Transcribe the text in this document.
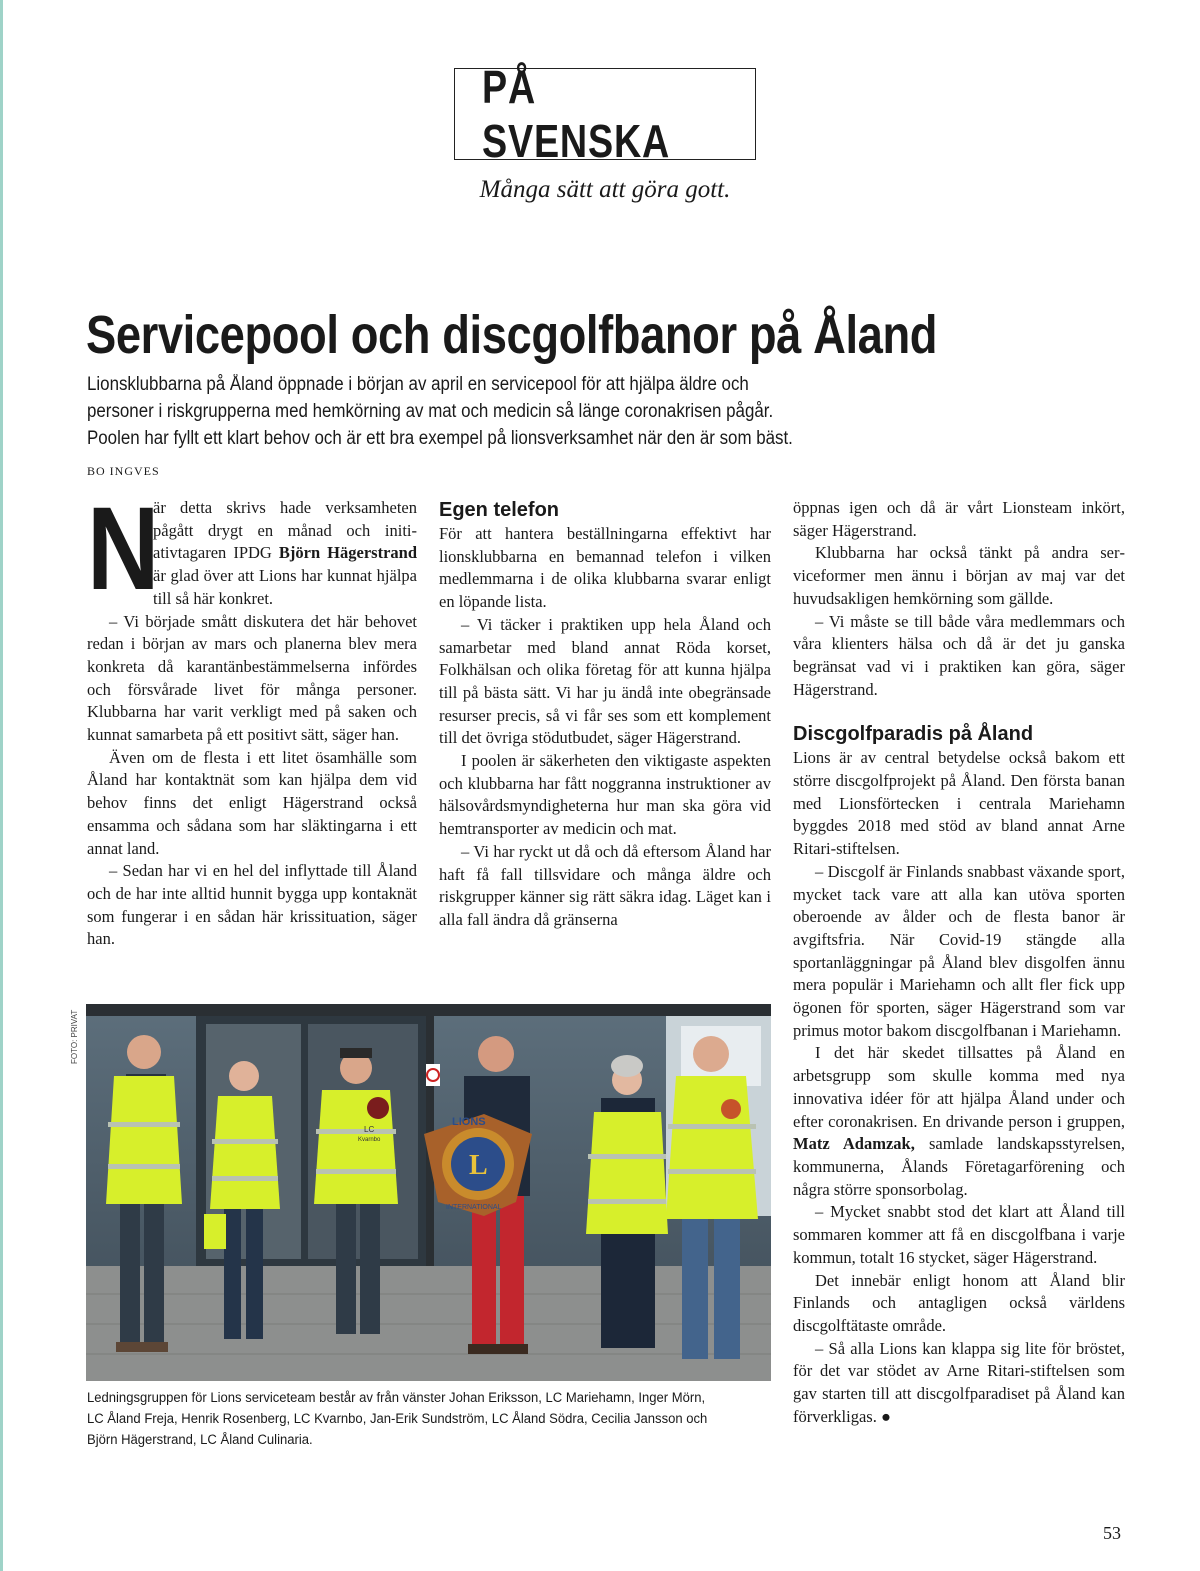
PÅ SVENSKA
Många sätt att göra gott.
Servicepool och discgolfbanor på Åland

Lionsklubbarna på Åland öppnade i början av april en servicepool för att hjälpa äldre och

personer i riskgrupperna med hemkörning av mat och medicin så länge coronakrisen pågår.

Poolen har fyllt ett klart behov och är ett bra exempel på lionsverksamhet när den är som bäst.

BO INGVES

N
är detta skrivs hade verksamheten pågått drygt en månad och initiativtagaren IPDG Björn Hägerstrand är glad över att Lions har kunnat hjälpa till så här konkret.

– Vi började smått diskutera det här behovet redan i början av mars och planerna blev mera konkreta då karantänbestämmelserna infördes och försvårade livet för många personer. Klubbarna har varit verkligt med på saken och kunnat samarbeta på ett positivt sätt, säger han.

Även om de flesta i ett litet ösamhälle som Åland har kontaktnät som kan hjälpa dem vid behov finns det enligt Hägerstrand också ensamma och sådana som har släktingarna i ett annat land.

– Sedan har vi en hel del inflyttade till Åland och de har inte alltid hunnit bygga upp kontaknät som fungerar i en sådan här krissituation, säger han.

Egen telefon

För att hantera beställningarna effektivt har lionsklubbarna en bemannad telefon i vilken medlemmarna i de olika klubbarna svarar enligt en löpande lista.

– Vi täcker i praktiken upp hela Åland och samarbetar med bland annat Röda korset, Folkhälsan och olika företag för att kunna hjälpa till på bästa sätt. Vi har ju ändå inte obegränsade resurser precis, så vi får ses som ett komplement till det övriga stödutbudet, säger Hägerstrand.

I poolen är säkerheten den viktigaste aspekten och klubbarna har fått noggranna instruktioner av hälsovårdsmyndigheterna hur man ska göra vid hemtransporter av medicin och mat.

– Vi har ryckt ut då och då eftersom Åland har haft få fall tillsvidare och många äldre och riskgrupper känner sig rätt säkra idag. Läget kan i alla fall ändra då gränserna

öppnas igen och då är vårt Lionsteam inkört, säger Hägerstrand.

Klubbarna har också tänkt på andra serviceformer men ännu i början av maj var det huvudsakligen hemkörning som gällde.

– Vi måste se till både våra medlemmars och våra klienters hälsa och då är det ju ganska begränsat vad vi i praktiken kan göra, säger Hägerstrand.

Discgolfparadis på Åland

Lions är av central betydelse också bakom ett större discgolfprojekt på Åland. Den första banan med Lionsförtecken i centrala Mariehamn byggdes 2018 med stöd av bland annat Arne Ritari-stiftelsen.

– Discgolf är Finlands snabbast växande sport, mycket tack vare att alla kan utöva sporten oberoende av ålder och de flesta banor är avgiftsfria. När Covid-19 stängde alla sportanläggningar på Åland blev disgolfen ännu mera populär i Mariehamn och allt fler fick upp ögonen för sporten, säger Hägerstrand som var primus motor bakom discgolfbanan i Mariehamn.

I det här skedet tillsattes på Åland en arbetsgrupp som skulle komma med nya innovativa idéer för att hjälpa Åland under och efter coronakrisen. En drivande person i gruppen, Matz Adamzak, samlade landskapsstyrelsen, kommunerna, Ålands Företagarförening och några större sponsorbolag.

– Mycket snabbt stod det klart att Åland till sommaren kommer att få en discgolfbana i varje kommun, totalt 16 stycket, säger Hägerstrand.

Det innebär enligt honom att Åland blir Finlands och antagligen också världens discgolftätaste område.

– Så alla Lions kan klappa sig lite för bröstet, för det var stödet av Arne Ritari-stiftelsen som gav starten till att discgolfparadiset på Åland kan förverkligas. ●

FOTO: PRIVAT
LC
Kvarnbo
L
LIONS
INTERNATIONAL

Ledningsgruppen för Lions serviceteam består av från vänster Johan Eriksson, LC Mariehamn, Inger Mörn,

LC Åland Freja, Henrik Rosenberg, LC Kvarnbo, Jan-Erik Sundström, LC Åland Södra, Cecilia Jansson och

Björn Hägerstrand, LC Åland Culinaria.

53
